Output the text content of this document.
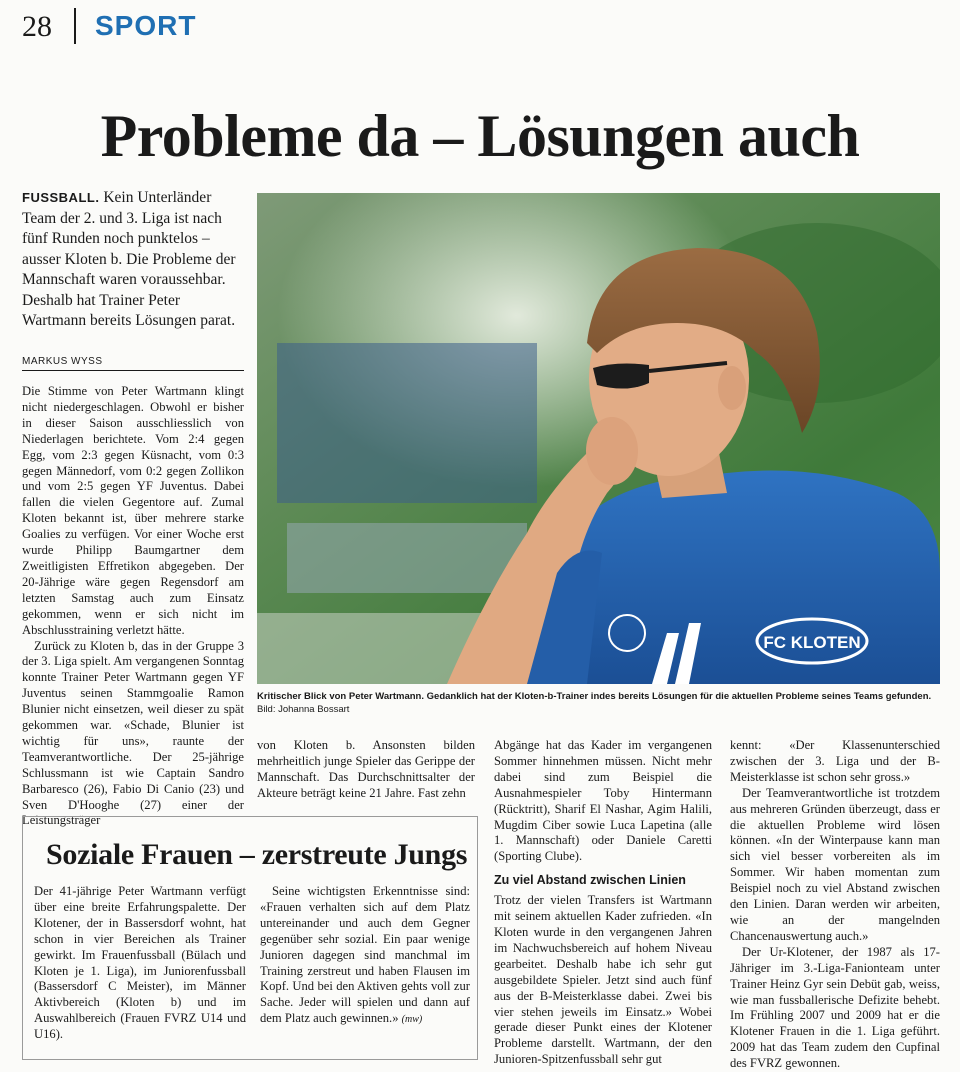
28 SPORT
Probleme da – Lösungen auch
FUSSBALL. Kein Unterländer Team der 2. und 3. Liga ist nach fünf Runden noch punktelos – ausser Kloten b. Die Probleme der Mannschaft waren voraussehbar. Deshalb hat Trainer Peter Wartmann bereits Lösungen parat.
MARKUS WYSS

Die Stimme von Peter Wartmann klingt nicht niedergeschlagen. Obwohl er bisher in dieser Saison ausschliesslich von Niederlagen berichtete. Vom 2:4 gegen Egg, vom 2:3 gegen Küsnacht, vom 0:3 gegen Männedorf, vom 0:2 gegen Zollikon und vom 2:5 gegen YF Juventus. Dabei fallen die vielen Gegentore auf. Zumal Kloten bekannt ist, über mehrere starke Goalies zu verfügen. Vor einer Woche erst wurde Philipp Baumgartner dem Zweitligisten Effretikon abgegeben. Der 20-Jährige wäre gegen Regensdorf am letzten Samstag auch zum Einsatz gekommen, wenn er sich nicht im Abschlusstraining verletzt hätte.

Zurück zu Kloten b, das in der Gruppe 3 der 3. Liga spielt. Am vergangenen Sonntag konnte Trainer Peter Wartmann gegen YF Juventus seinen Stammgoalie Ramon Blunier nicht einsetzen, weil dieser zu spät gekommen war. «Schade, Blunier ist wichtig für uns», raunte der Teamverantwortliche. Der 25-jährige Schlussmann ist wie Captain Sandro Barbaresco (26), Fabio Di Canio (23) und Sven D'Hooghe (27) einer der Leistungsträger

FC KLOTEN
Kritischer Blick von Peter Wartmann. Gedanklich hat der Kloten-b-Trainer indes bereits Lösungen für die aktuellen Probleme seines Teams gefunden. Bild: Johanna Bossart

von Kloten b. Ansonsten bilden mehrheitlich junge Spieler das Gerippe der Mannschaft. Das Durchschnittsalter der Akteure beträgt keine 21 Jahre. Fast zehn

Abgänge hat das Kader im vergangenen Sommer hinnehmen müssen. Nicht mehr dabei sind zum Beispiel die Ausnahmespieler Toby Hintermann (Rücktritt), Sharif El Nashar, Agim Halili, Mugdim Ciber sowie Luca Lapetina (alle 1. Mannschaft) oder Daniele Caretti (Sporting Clube).

Zu viel Abstand zwischen Linien

Trotz der vielen Transfers ist Wartmann mit seinem aktuellen Kader zufrieden. «In Kloten wurde in den vergangenen Jahren im Nachwuchsbereich auf hohem Niveau gearbeitet. Deshalb habe ich sehr gut ausgebildete Spieler. Jetzt sind auch fünf aus der B-Meisterklasse dabei. Zwei bis vier stehen jeweils im Einsatz.» Wobei gerade dieser Punkt eines der Klotener Probleme darstellt. Wartmann, der den Junioren-Spitzenfussball sehr gut

kennt: «Der Klassenunterschied zwischen der 3. Liga und der B-Meisterklasse ist schon sehr gross.»

Der Teamverantwortliche ist trotzdem aus mehreren Gründen überzeugt, dass er die aktuellen Probleme wird lösen können. «In der Winterpause kann man sich viel besser vorbereiten als im Sommer. Wir haben momentan zum Beispiel noch zu viel Abstand zwischen den Linien. Daran werden wir arbeiten, wie an der mangelnden Chancenauswertung auch.»

Der Ur-Klotener, der 1987 als 17-Jähriger im 3.-Liga-Fanionteam unter Trainer Heinz Gyr sein Debüt gab, weiss, wie man fussballerische Defizite behebt. Im Frühling 2007 und 2009 hat er die Klotener Frauen in die 1. Liga geführt. 2009 hat das Team zudem den Cupfinal des FVRZ gewonnen.

Soziale Frauen – zerstreute Jungs

Der 41-jährige Peter Wartmann verfügt über eine breite Erfahrungspalette. Der Klotener, der in Bassersdorf wohnt, hat schon in vier Bereichen als Trainer gewirkt. Im Frauenfussball (Bülach und Kloten je 1. Liga), im Juniorenfussball (Bassersdorf C Meister), im Männer Aktivbereich (Kloten b) und im Auswahlbereich (Frauen FVRZ U14 und U16).

Seine wichtigsten Erkenntnisse sind: «Frauen verhalten sich auf dem Platz untereinander und auch dem Gegner gegenüber sehr sozial. Ein paar wenige Junioren dagegen sind manchmal im Training zerstreut und haben Flausen im Kopf. Und bei den Aktiven gehts voll zur Sache. Jeder will spielen und dann auf dem Platz auch gewinnen.» (mw)
